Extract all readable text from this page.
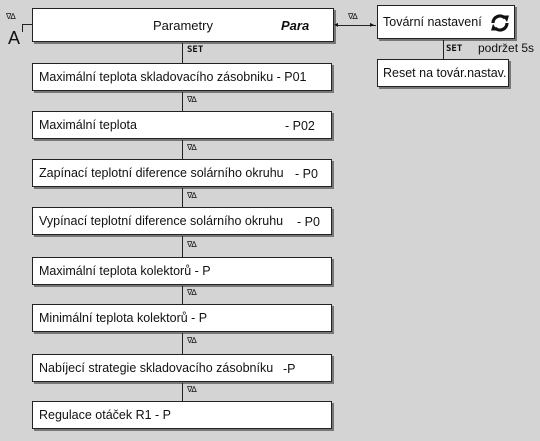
∇∆
A
Parametry	Para	◂	▸
∇∆
SET
Maximální teplota skladovacího zásobniku - P01
∇∆
Maximální teplota	- P02
∇∆
Zapínací teplotní diference solárního okruhu - P0
∇∆
Vypínací teplotní diference solárního okruhu - P0
∇∆
Maximální teplota kolektorů - P
∇∆
Minimální teplota kolektorů - P
∇∆
Nabíjecí strategie skladovacího zásobníku -P
∇∆
Regulace otáček R1 - P
Tovární nastavení
SET podržet 5s
Reset na továr.nastav.
